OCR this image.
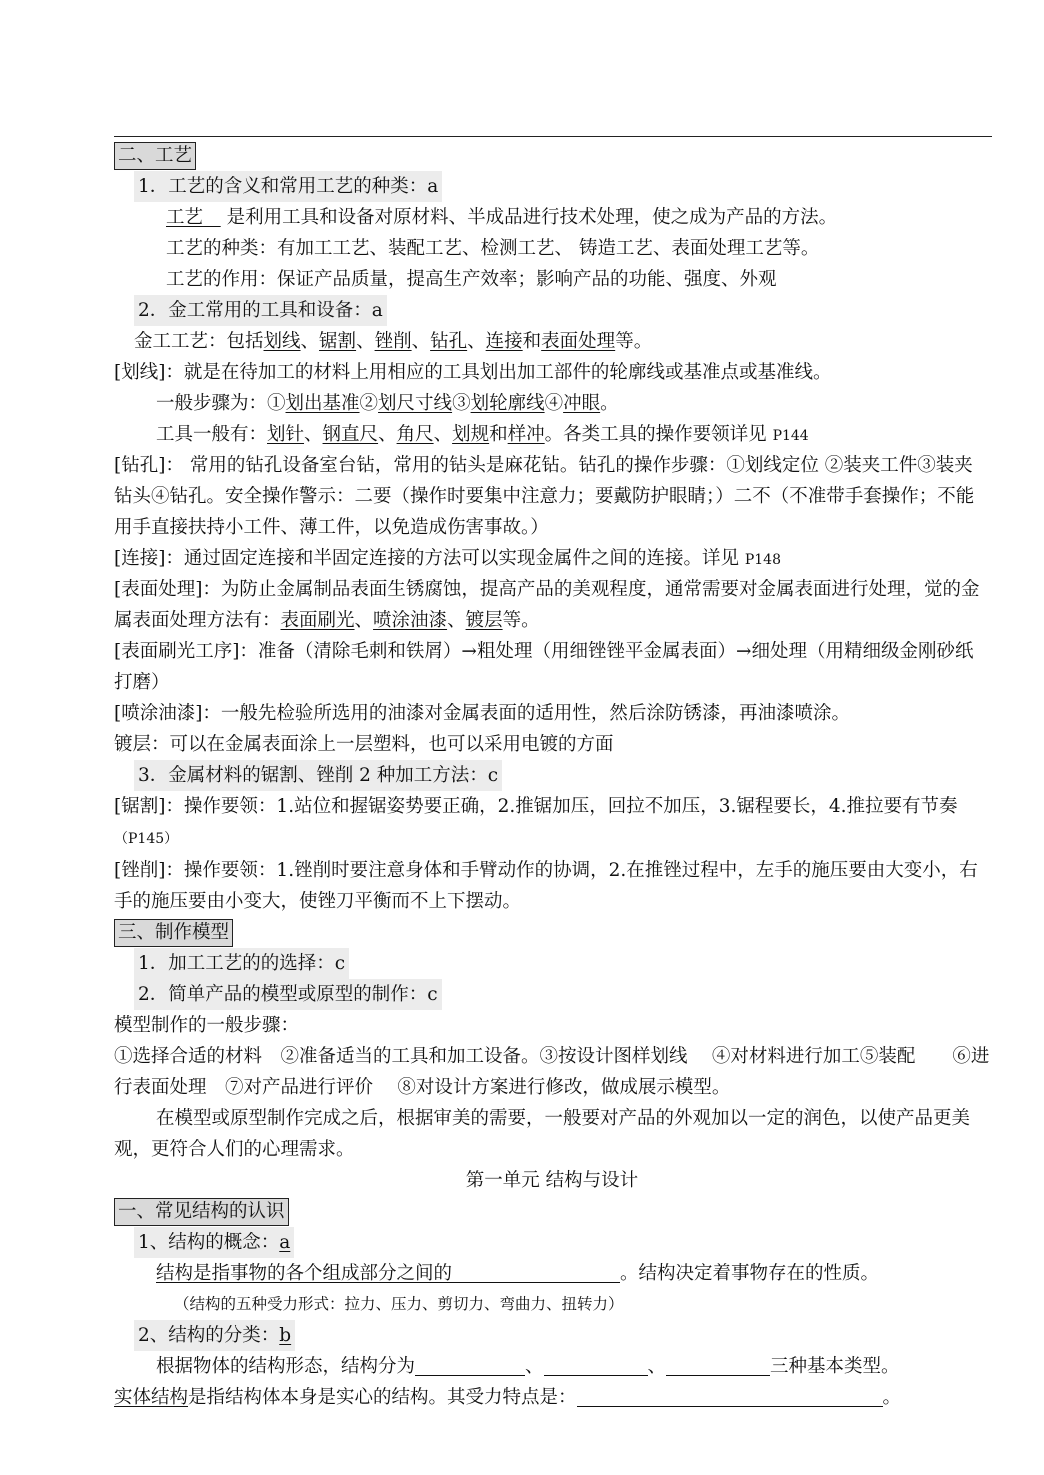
二、工艺
1．工艺的含义和常用工艺的种类：a
工艺 是利用工具和设备对原材料、半成品进行技术处理，使之成为产品的方法。
工艺的种类：有加工工艺、装配工艺、检测工艺、 铸造工艺、表面处理工艺等。
工艺的作用：保证产品质量，提高生产效率；影响产品的功能、强度、外观
2．金工常用的工具和设备：a
金工工艺：包括划线、锯割、锉削、钻孔、连接和表面处理等。
[划线]：就是在待加工的材料上用相应的工具划出加工部件的轮廓线或基准点或基准线。
一般步骤为：①划出基准②划尺寸线③划轮廓线④冲眼。
工具一般有：划针、钢直尺、角尺、划规和样冲。各类工具的操作要领详见 P144
[钻孔]： 常用的钻孔设备室台钻，常用的钻头是麻花钻。钻孔的操作步骤：①划线定位 ②装夹工件③装夹钻头④钻孔。安全操作警示：二要（操作时要集中注意力；要戴防护眼睛；）二不（不准带手套操作；不能用手直接扶持小工件、薄工件，以免造成伤害事故。）
[连接]：通过固定连接和半固定连接的方法可以实现金属件之间的连接。详见 P148
[表面处理]：为防止金属制品表面生锈腐蚀，提高产品的美观程度，通常需要对金属表面进行处理，觉的金属表面处理方法有：表面刷光、喷涂油漆、镀层等。
[表面刷光工序]：准备（清除毛刺和铁屑）→粗处理（用细锉锉平金属表面）→细处理（用精细级金刚砂纸打磨）
[喷涂油漆]：一般先检验所选用的油漆对金属表面的适用性，然后涂防锈漆，再油漆喷涂。
镀层：可以在金属表面涂上一层塑料，也可以采用电镀的方面
3．金属材料的锯割、锉削 2 种加工方法：c
[锯割]：操作要领：1.站位和握锯姿势要正确，2.推锯加压，回拉不加压，3.锯程要长，4.推拉要有节奏 （P145）
[锉削]：操作要领：1.锉削时要注意身体和手臂动作的协调，2.在推锉过程中，左手的施压要由大变小，右手的施压要由小变大，使锉刀平衡而不上下摆动。
三、制作模型
1．加工工艺的的选择：c
2．简单产品的模型或原型的制作：c
模型制作的一般步骤：
①选择合适的材料　②准备适当的工具和加工设备。③按设计图样划线　 ④对材料进行加工⑤装配　　⑥进行表面处理　⑦对产品进行评价　 ⑧对设计方案进行修改，做成展示模型。
在模型或原型制作完成之后，根据审美的需要，一般要对产品的外观加以一定的润色，以使产品更美观，更符合人们的心理需求。
第一单元 结构与设计
一、常见结构的认识
1、结构的概念：a
结构是指事物的各个组成部分之间的	。结构决定着事物存在的性质。
（结构的五种受力形式：拉力、压力、剪切力、弯曲力、扭转力）
2、结构的分类：b
根据物体的结构形态，结构分为	、	、	三种基本类型。
实体结构是指结构体本身是实心的结构。其受力特点是：	。
